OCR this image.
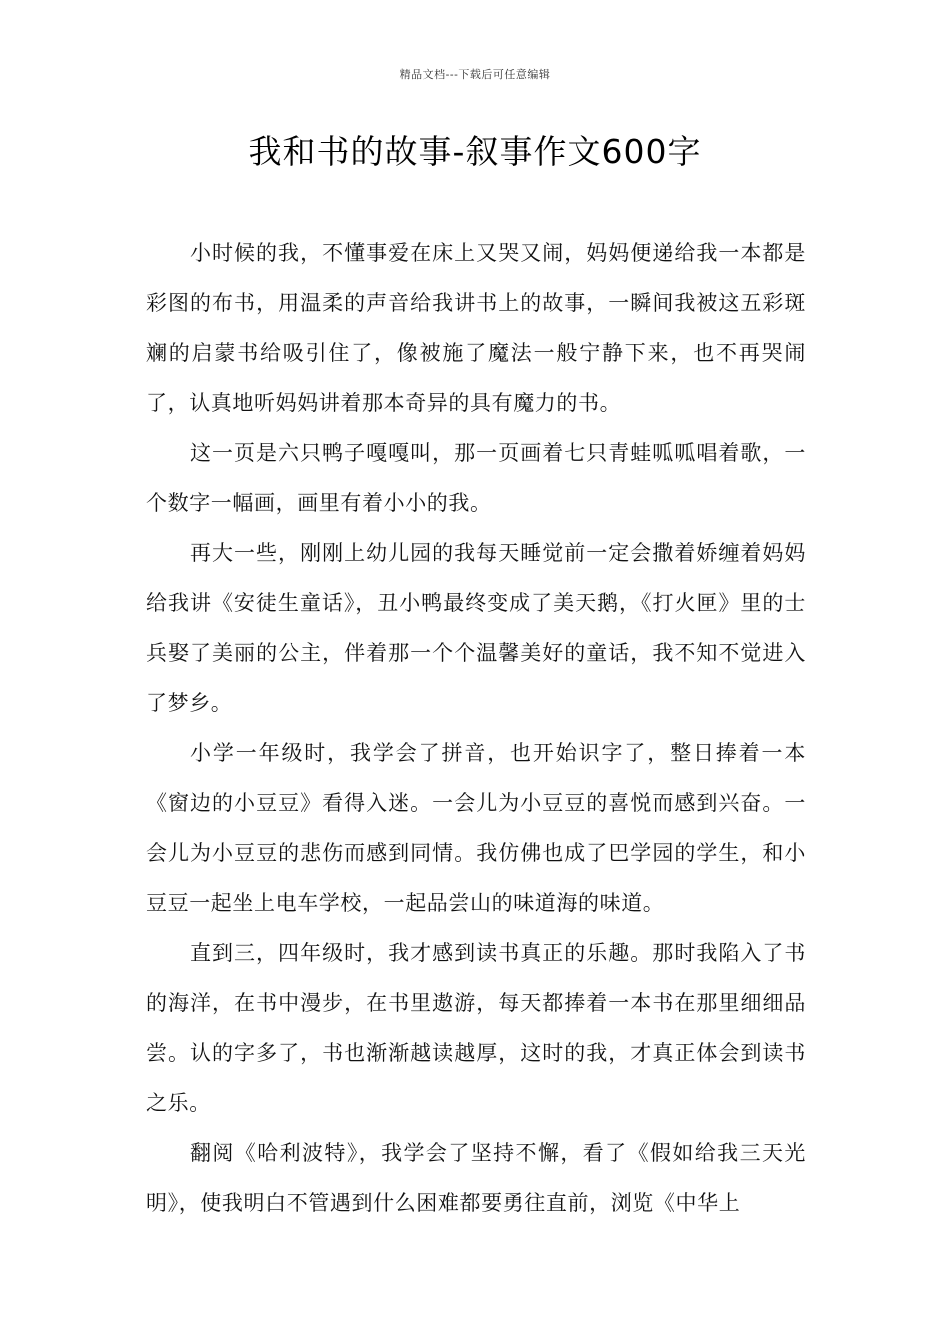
精品文档---下载后可任意编辑
我和书的故事-叙事作文600字

小时候的我，不懂事爱在床上又哭又闹，妈妈便递给我一本都是彩图的布书，用温柔的声音给我讲书上的故事，一瞬间我被这五彩斑斓的启蒙书给吸引住了，像被施了魔法一般宁静下来，也不再哭闹了，认真地听妈妈讲着那本奇异的具有魔力的书。

这一页是六只鸭子嘎嘎叫，那一页画着七只青蛙呱呱唱着歌，一个数字一幅画，画里有着小小的我。

再大一些，刚刚上幼儿园的我每天睡觉前一定会撒着娇缠着妈妈给我讲《安徒生童话》，丑小鸭最终变成了美天鹅，《打火匣》里的士兵娶了美丽的公主，伴着那一个个温馨美好的童话，我不知不觉进入了梦乡。

小学一年级时，我学会了拼音，也开始识字了，整日捧着一本《窗边的小豆豆》看得入迷。一会儿为小豆豆的喜悦而感到兴奋。一会儿为小豆豆的悲伤而感到同情。我仿佛也成了巴学园的学生，和小豆豆一起坐上电车学校，一起品尝山的味道海的味道。

直到三，四年级时，我才感到读书真正的乐趣。那时我陷入了书的海洋，在书中漫步，在书里遨游，每天都捧着一本书在那里细细品尝。认的字多了，书也渐渐越读越厚，这时的我，才真正体会到读书之乐。

翻阅《哈利波特》，我学会了坚持不懈，看了《假如给我三天光明》，使我明白不管遇到什么困难都要勇往直前，浏览《中华上
